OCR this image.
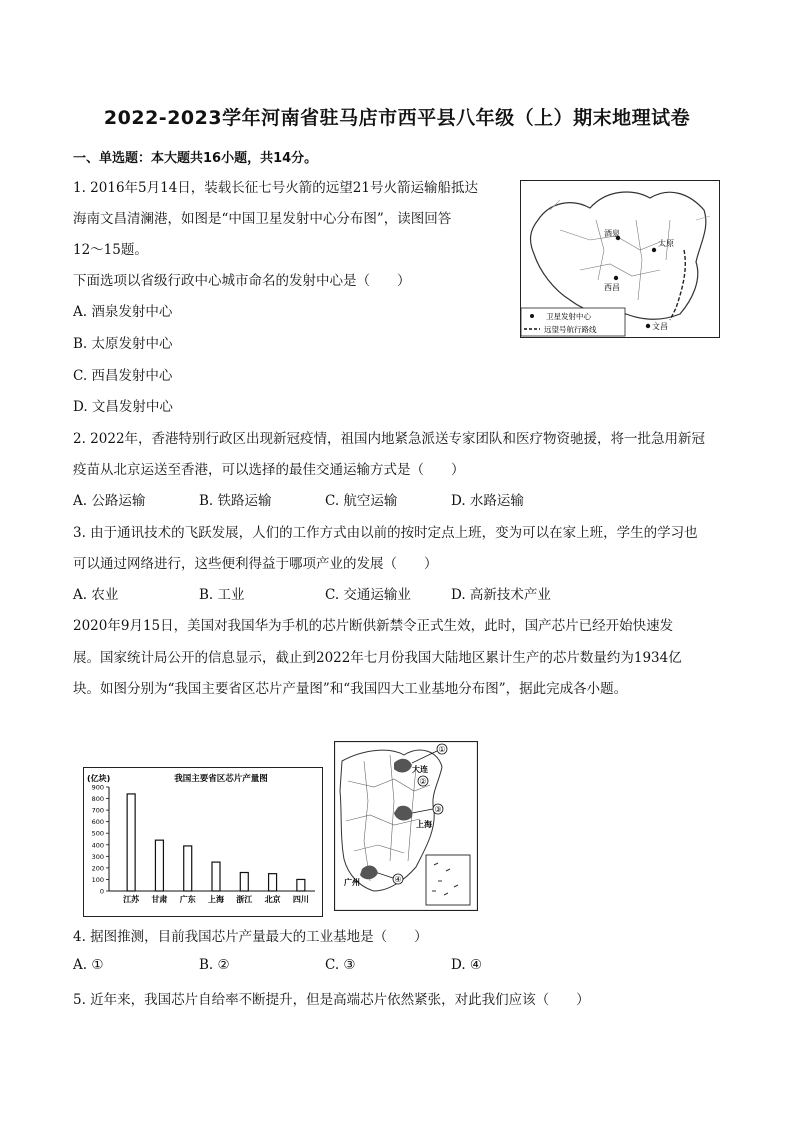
2022-2023学年河南省驻马店市西平县八年级（上）期末地理试卷
一、单选题：本大题共16小题，共14分。
1. 2016年5月14日，装载长征七号火箭的远望21号火箭运输船抵达
海南文昌清澜港，如图是“中国卫星发射中心分布图”，读图回答
12～15题。
下面选项以省级行政中心城市命名的发射中心是（　　）
A. 酒泉发射中心
B. 太原发射中心
C. 西昌发射中心
D. 文昌发射中心
酒泉
太原
西昌
文昌
卫星发射中心
远望号航行路线
2. 2022年，香港特别行政区出现新冠疫情，祖国内地紧急派送专家团队和医疗物资驰援，将一批急用新冠
疫苗从北京运送至香港，可以选择的最佳交通运输方式是（　　）
A. 公路运输	B. 铁路运输	C. 航空运输	D. 水路运输
3. 由于通讯技术的飞跃发展，人们的工作方式由以前的按时定点上班，变为可以在家上班，学生的学习也
可以通过网络进行，这些便利得益于哪项产业的发展（　　）
A. 农业	B. 工业	C. 交通运输业	D. 高新技术产业
2020年9月15日，美国对我国华为手机的芯片断供新禁令正式生效，此时，国产芯片已经开始快速发
展。国家统计局公开的信息显示，截止到2022年七月份我国大陆地区累计生产的芯片数量约为1934亿
块。如图分别为“我国主要省区芯片产量图”和“我国四大工业基地分布图”，据此完成各小题。
(亿块)	我国主要省区芯片产量图
0
100
200
300
400
500
600
700
800
900
江苏 甘肃 广东 上海 浙江 北京 四川
①
大连
②
③
上海
广州	④
4. 据图推测，目前我国芯片产量最大的工业基地是（　　）
A. ①	B. ②	C. ③	D. ④
5. 近年来，我国芯片自给率不断提升，但是高端芯片依然紧张，对此我们应该（　　）
